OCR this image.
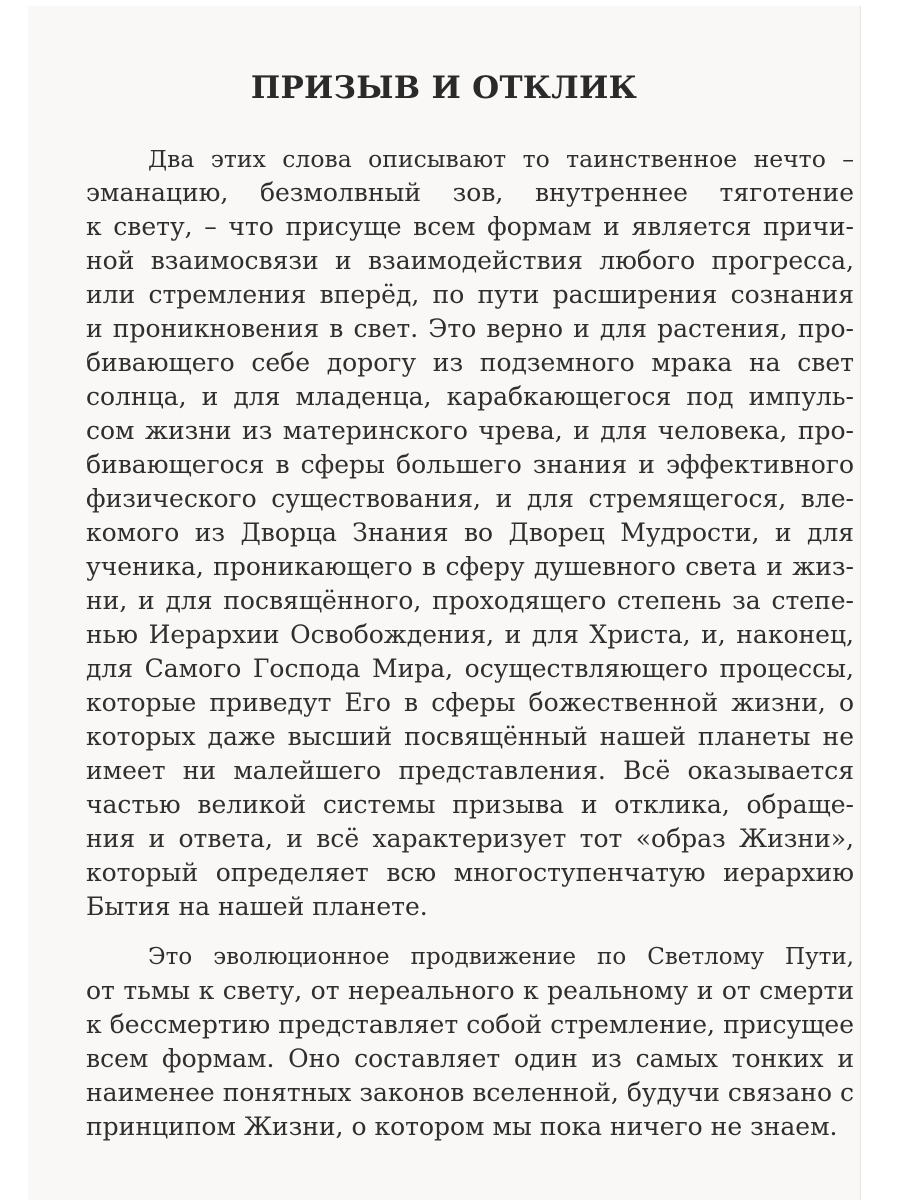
ПРИЗЫВ И ОТКЛИК
Два этих слова описывают то таинственное нечто –
эманацию, безмолвный зов, внутреннее тяготение
к свету, – что присуще всем формам и является причи-
ной взаимосвязи и взаимодействия любого прогресса,
или стремления вперёд, по пути расширения сознания
и проникновения в свет. Это верно и для растения, про-
бивающего себе дорогу из подземного мрака на свет
солнца, и для младенца, карабкающегося под импуль-
сом жизни из материнского чрева, и для человека, про-
бивающегося в сферы большего знания и эффективного
физического существования, и для стремящегося, вле-
комого из Дворца Знания во Дворец Мудрости, и для
ученика, проникающего в сферу душевного света и жиз-
ни, и для посвящённого, проходящего степень за степе-
нью Иерархии Освобождения, и для Христа, и, наконец,
для Самого Господа Мира, осуществляющего процессы,
которые приведут Его в сферы божественной жизни, о
которых даже высший посвящённый нашей планеты не
имеет ни малейшего представления. Всё оказывается
частью великой системы призыва и отклика, обраще-
ния и ответа, и всё характеризует тот «образ Жизни»,
который определяет всю многоступенчатую иерархию
Бытия на нашей планете.
Это эволюционное продвижение по Светлому Пути,
от тьмы к свету, от нереального к реальному и от смерти
к бессмертию представляет собой стремление, присущее
всем формам. Оно составляет один из самых тонких и
наименее понятных законов вселенной, будучи связано с
принципом Жизни, о котором мы пока ничего не знаем.
